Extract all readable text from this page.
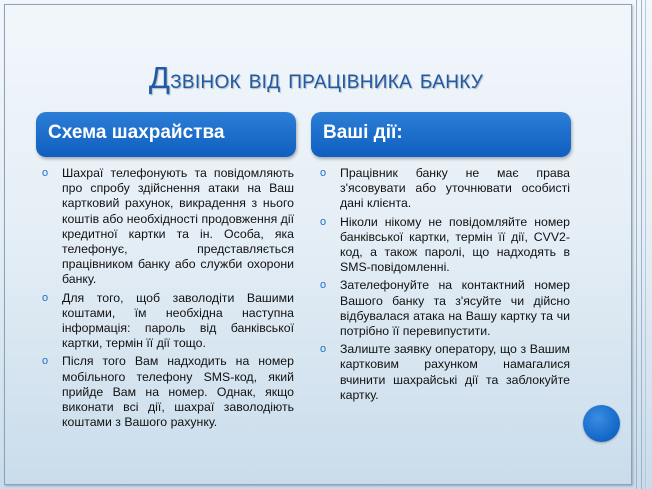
Дзвінок від працівника банку
Схема шахрайства	Ваші дії:
o Шахраї телефонують та повідомляють про спробу здійснення атаки на Ваш картковий рахунок, викрадення з нього коштів або необхідності продовження дії кредитної картки та ін. Особа, яка телефонує, представляється працівником банку або служби охорони банку.
o Для того, щоб заволодіти Вашими коштами, їм необхідна наступна інформація: пароль від банківської картки, термін її дії тощо.
o Після того Вам надходить на номер мобільного телефону SMS-код, який прийде Вам на номер. Однак, якщо виконати всі дії, шахраї заволодіють коштами з Вашого рахунку.
o Працівник банку не має права з'ясовувати або уточнювати особисті дані клієнта.
o Ніколи нікому не повідомляйте номер банківської картки, термін її дії, CVV2-код, а також паролі, що надходять в SMS-повідомленні.
o Зателефонуйте на контактний номер Вашого банку та з'ясуйте чи дійсно відбувалася атака на Вашу картку та чи потрібно її перевипустити.
o Залиште заявку оператору, що з Вашим картковим рахунком намагалися вчинити шахрайські дії та заблокуйте картку.
